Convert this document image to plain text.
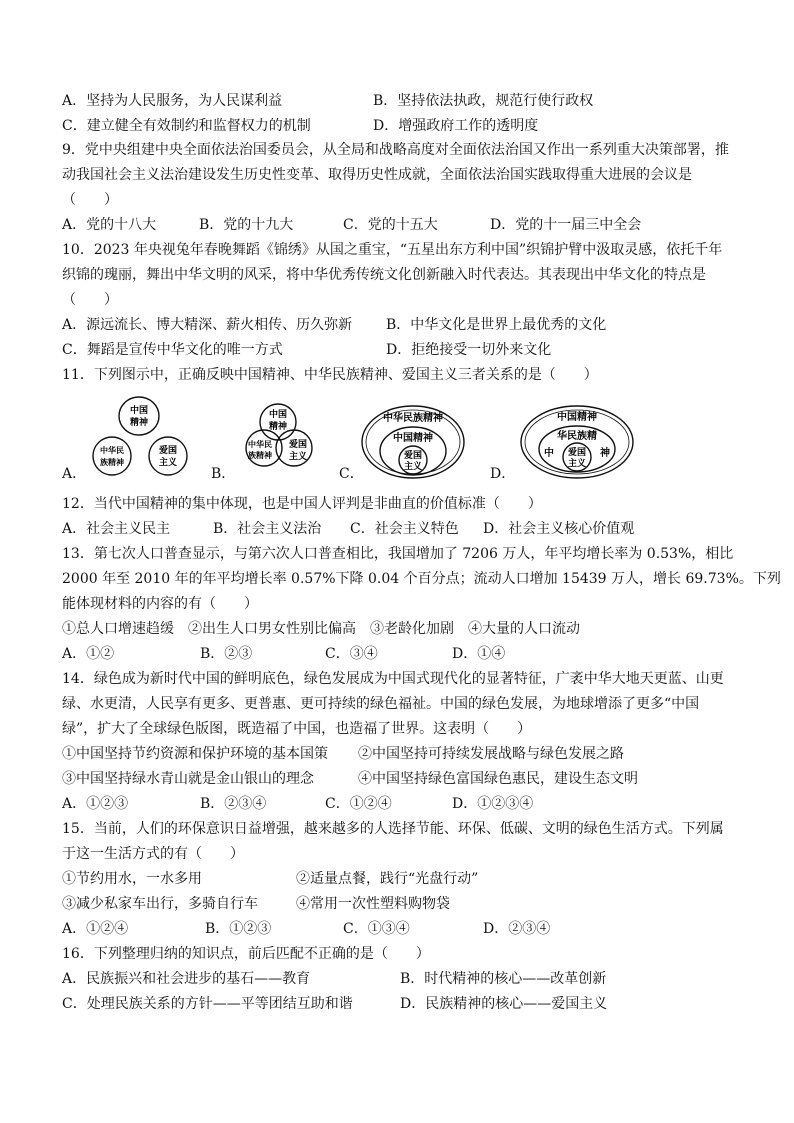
A．坚持为人民服务，为人民谋利益	B．坚持依法执政，规范行使行政权
C．建立健全有效制约和监督权力的机制	D．增强政府工作的透明度
9．党中央组建中央全面依法治国委员会，从全局和战略高度对全面依法治国又作出一系列重大决策部署，推
动我国社会主义法治建设发生历史性变革、取得历史性成就，全面依法治国实践取得重大进展的会议是
（　　）
A．党的十八大	B．党的十九大	C．党的十五大	D．党的十一届三中全会
10．2023 年央视兔年春晚舞蹈《锦绣》从国之重宝，“五星出东方利中国”织锦护臂中汲取灵感，依托千年
织锦的瑰丽，舞出中华文明的风采，将中华优秀传统文化创新融入时代表达。其表现出中华文化的特点是
（　　）
A．源远流长、博大精深、薪火相传、历久弥新 B．中华文化是世界上最优秀的文化
C．舞蹈是宣传中华文化的唯一方式	D．拒绝接受一切外来文化
11．下列图示中，正确反映中国精神、中华民族精神、爱国主义三者关系的是（　　）
A．	B．	C．	D．
中国
精神
中华民
族精神
爱国
主义
中国
精神
中华民
族精神
爱国
主义
中华民族精神
中国精神
爱国
主义
中国精神
华民族精
中	神
爱国
主义
12．当代中国精神的集中体现，也是中国人评判是非曲直的价值标准（　　）
A．社会主义民主	B．社会主义法治 C．社会主义特色 D．社会主义核心价值观
13．第七次人口普查显示，与第六次人口普查相比，我国增加了 7206 万人，年平均增长率为 0.53%，相比
2000 年至 2010 年的年平均增长率 0.57%下降 0.04 个百分点；流动人口增加 15439 万人，增长 69.73%。下列
能体现材料的内容的有（　　）
①总人口增速趋缓　②出生人口男女性别比偏高　③老龄化加剧　④大量的人口流动
A．①②	B．②③	C．③④	D．①④
14．绿色成为新时代中国的鲜明底色，绿色发展成为中国式现代化的显著特征，广袤中华大地天更蓝、山更
绿、水更清，人民享有更多、更普惠、更可持续的绿色福祉。中国的绿色发展，为地球增添了更多“中国
绿”，扩大了全球绿色版图，既造福了中国，也造福了世界。这表明（　　）
①中国坚持节约资源和保护环境的基本国策 ②中国坚持可持续发展战略与绿色发展之路
③中国坚持绿水青山就是金山银山的理念	④中国坚持绿色富国绿色惠民，建设生态文明
A．①②③	B．②③④	C．①②④	D．①②③④
15．当前，人们的环保意识日益增强，越来越多的人选择节能、环保、低碳、文明的绿色生活方式。下列属
于这一生活方式的有（　　）
①节约用水，一水多用	②适量点餐，践行“光盘行动”
③减少私家车出行，多骑自行车	④常用一次性塑料购物袋
A．①②④	B．①②③	C．①③④	D．②③④
16．下列整理归纳的知识点，前后匹配不正确的是（　　）
A．民族振兴和社会进步的基石——教育	B．时代精神的核心——改革创新
C．处理民族关系的方针——平等团结互助和谐	D．民族精神的核心——爱国主义
